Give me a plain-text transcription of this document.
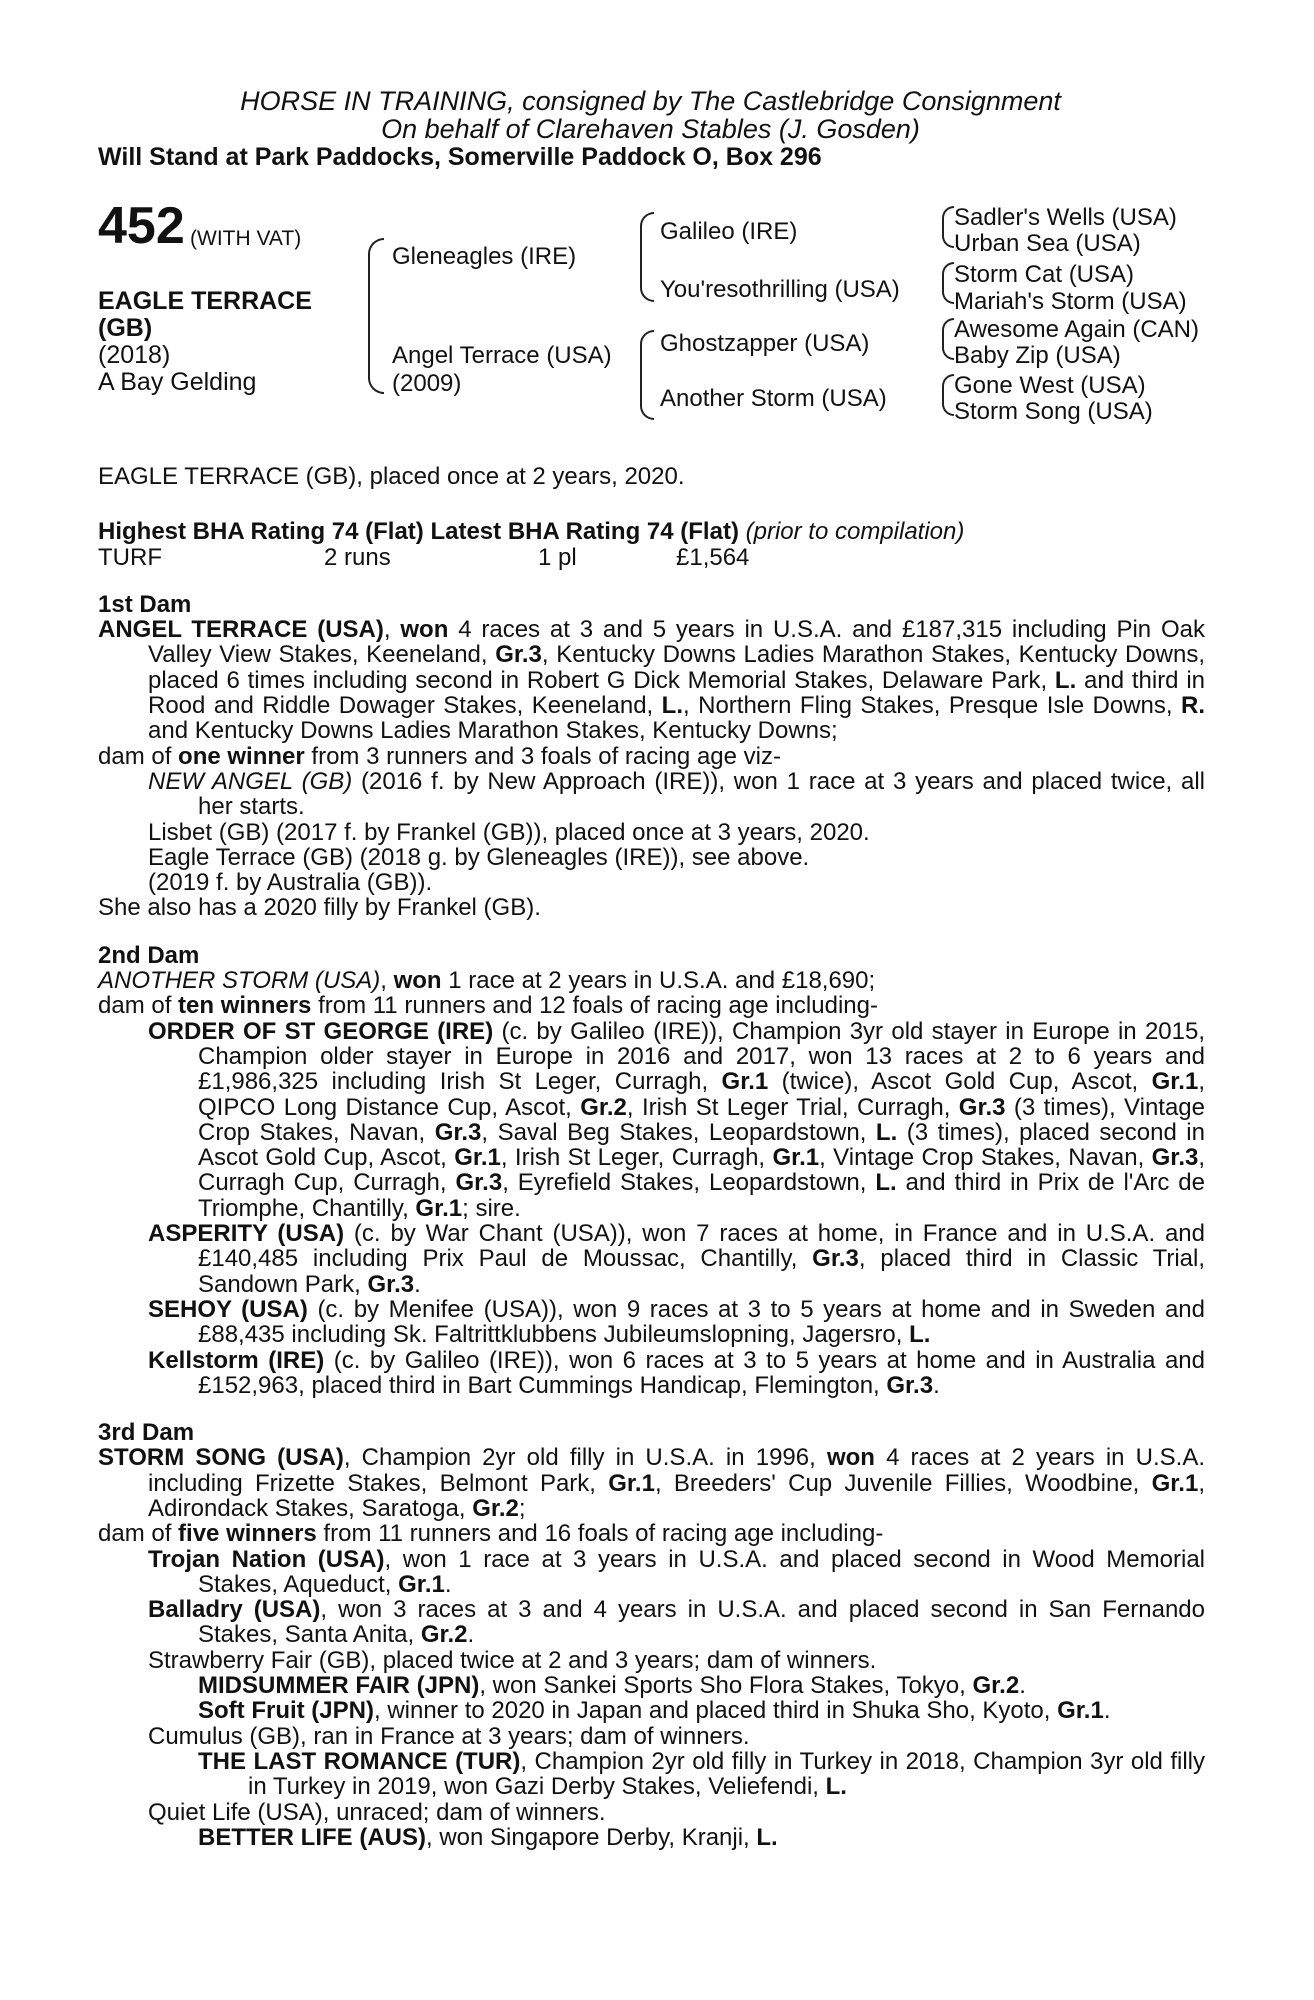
HORSE IN TRAINING, consigned by The Castlebridge Consignment
On behalf of Clarehaven Stables (J. Gosden)
Will Stand at Park Paddocks, Somerville Paddock O, Box 296
452 (WITH VAT)
EAGLE TERRACE
(GB)
(2018)
A Bay Gelding
Gleneagles (IRE)
Angel Terrace (USA)
(2009)
Galileo (IRE)
You'resothrilling (USA)
Ghostzapper (USA)
Another Storm (USA)
Sadler's Wells (USA)
Urban Sea (USA)
Storm Cat (USA)
Mariah's Storm (USA)
Awesome Again (CAN)
Baby Zip (USA)
Gone West (USA)
Storm Song (USA)

EAGLE TERRACE (GB), placed once at 2 years, 2020.

Highest BHA Rating 74 (Flat) Latest BHA Rating 74 (Flat) (prior to compilation)

TURF	2 runs	1 pl	£1,564

1st Dam

ANGEL TERRACE (USA), won 4 races at 3 and 5 years in U.S.A. and £187,315 including Pin Oak Valley View Stakes, Keeneland, Gr.3, Kentucky Downs Ladies Marathon Stakes, Kentucky Downs, placed 6 times including second in Robert G Dick Memorial Stakes, Delaware Park, L. and third in Rood and Riddle Dowager Stakes, Keeneland, L., Northern Fling Stakes, Presque Isle Downs, R. and Kentucky Downs Ladies Marathon Stakes, Kentucky Downs;

dam of one winner from 3 runners and 3 foals of racing age viz-

NEW ANGEL (GB) (2016 f. by New Approach (IRE)), won 1 race at 3 years and placed twice, all her starts.

Lisbet (GB) (2017 f. by Frankel (GB)), placed once at 3 years, 2020.

Eagle Terrace (GB) (2018 g. by Gleneagles (IRE)), see above.

(2019 f. by Australia (GB)).

She also has a 2020 filly by Frankel (GB).

2nd Dam

ANOTHER STORM (USA), won 1 race at 2 years in U.S.A. and £18,690;

dam of ten winners from 11 runners and 12 foals of racing age including-

ORDER OF ST GEORGE (IRE) (c. by Galileo (IRE)), Champion 3yr old stayer in Europe in 2015, Champion older stayer in Europe in 2016 and 2017, won 13 races at 2 to 6 years and £1,986,325 including Irish St Leger, Curragh, Gr.1 (twice), Ascot Gold Cup, Ascot, Gr.1, QIPCO Long Distance Cup, Ascot, Gr.2, Irish St Leger Trial, Curragh, Gr.3 (3 times), Vintage Crop Stakes, Navan, Gr.3, Saval Beg Stakes, Leopardstown, L. (3 times), placed second in Ascot Gold Cup, Ascot, Gr.1, Irish St Leger, Curragh, Gr.1, Vintage Crop Stakes, Navan, Gr.3, Curragh Cup, Curragh, Gr.3, Eyrefield Stakes, Leopardstown, L. and third in Prix de l'Arc de Triomphe, Chantilly, Gr.1; sire.

ASPERITY (USA) (c. by War Chant (USA)), won 7 races at home, in France and in U.S.A. and £140,485 including Prix Paul de Moussac, Chantilly, Gr.3, placed third in Classic Trial, Sandown Park, Gr.3.

SEHOY (USA) (c. by Menifee (USA)), won 9 races at 3 to 5 years at home and in Sweden and £88,435 including Sk. Faltrittklubbens Jubileumslopning, Jagersro, L.

Kellstorm (IRE) (c. by Galileo (IRE)), won 6 races at 3 to 5 years at home and in Australia and £152,963, placed third in Bart Cummings Handicap, Flemington, Gr.3.

3rd Dam

STORM SONG (USA), Champion 2yr old filly in U.S.A. in 1996, won 4 races at 2 years in U.S.A. including Frizette Stakes, Belmont Park, Gr.1, Breeders' Cup Juvenile Fillies, Woodbine, Gr.1, Adirondack Stakes, Saratoga, Gr.2;

dam of five winners from 11 runners and 16 foals of racing age including-

Trojan Nation (USA), won 1 race at 3 years in U.S.A. and placed second in Wood Memorial Stakes, Aqueduct, Gr.1.

Balladry (USA), won 3 races at 3 and 4 years in U.S.A. and placed second in San Fernando Stakes, Santa Anita, Gr.2.

Strawberry Fair (GB), placed twice at 2 and 3 years; dam of winners.

MIDSUMMER FAIR (JPN), won Sankei Sports Sho Flora Stakes, Tokyo, Gr.2.

Soft Fruit (JPN), winner to 2020 in Japan and placed third in Shuka Sho, Kyoto, Gr.1.

Cumulus (GB), ran in France at 3 years; dam of winners.

THE LAST ROMANCE (TUR), Champion 2yr old filly in Turkey in 2018, Champion 3yr old filly in Turkey in 2019, won Gazi Derby Stakes, Veliefendi, L.

Quiet Life (USA), unraced; dam of winners.

BETTER LIFE (AUS), won Singapore Derby, Kranji, L.
